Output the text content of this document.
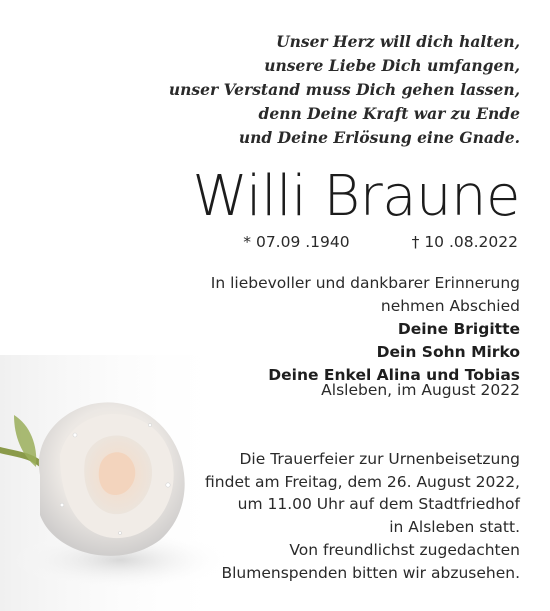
Unser Herz will dich halten,
unsere Liebe Dich umfangen,
unser Verstand muss Dich gehen lassen,
denn Deine Kraft war zu Ende
und Deine Erlösung eine Gnade.
Willi Braune
* 07.09 .1940	† 10 .08.2022
In liebevoller und dankbarer Erinnerung
nehmen Abschied
Deine Brigitte
Dein Sohn Mirko
Deine Enkel Alina und Tobias
Alsleben, im August 2022
Die Trauerfeier zur Urnenbeisetzung
findet am Freitag, dem 26. August 2022,
um 11.00 Uhr auf dem Stadtfriedhof
in Alsleben statt.
Von freundlichst zugedachten
Blumenspenden bitten wir abzusehen.
